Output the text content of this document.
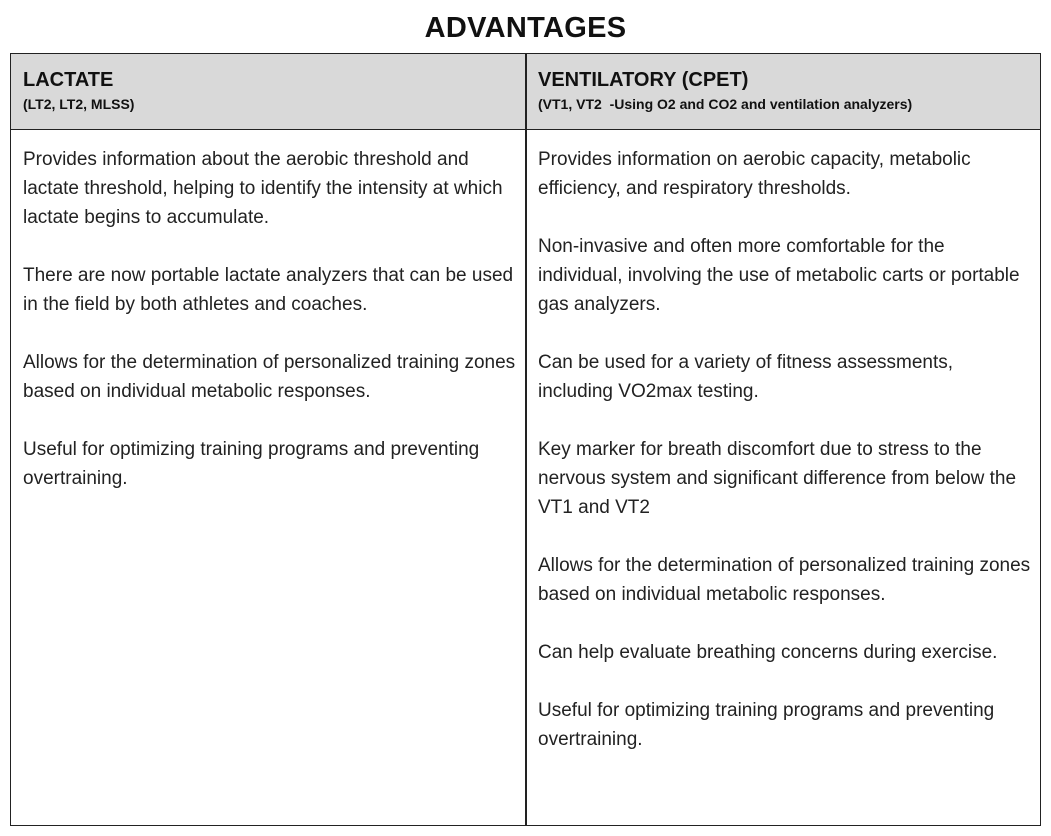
ADVANTAGES
LACTATE
(LT2, LT2, MLSS)
VENTILATORY (CPET)
(VT1, VT2  -Using O2 and CO2 and ventilation analyzers)

Provides information about the aerobic threshold and lactate threshold, helping to identify the intensity at which lactate begins to accumulate.

There are now portable lactate analyzers that can be used in the field by both athletes and coaches.

Allows for the determination of personalized training zones based on individual metabolic responses.

Useful for optimizing training programs and preventing overtraining.

Provides information on aerobic capacity, metabolic efficiency, and respiratory thresholds.

Non-invasive and often more comfortable for the individual, involving the use of metabolic carts or portable gas analyzers.

Can be used for a variety of fitness assessments, including VO2max testing.

Key marker for breath discomfort due to stress to the nervous system and significant difference from below the VT1 and VT2

Allows for the determination of personalized training zones based on individual metabolic responses.

Can help evaluate breathing concerns during exercise.

Useful for optimizing training programs and preventing overtraining.
